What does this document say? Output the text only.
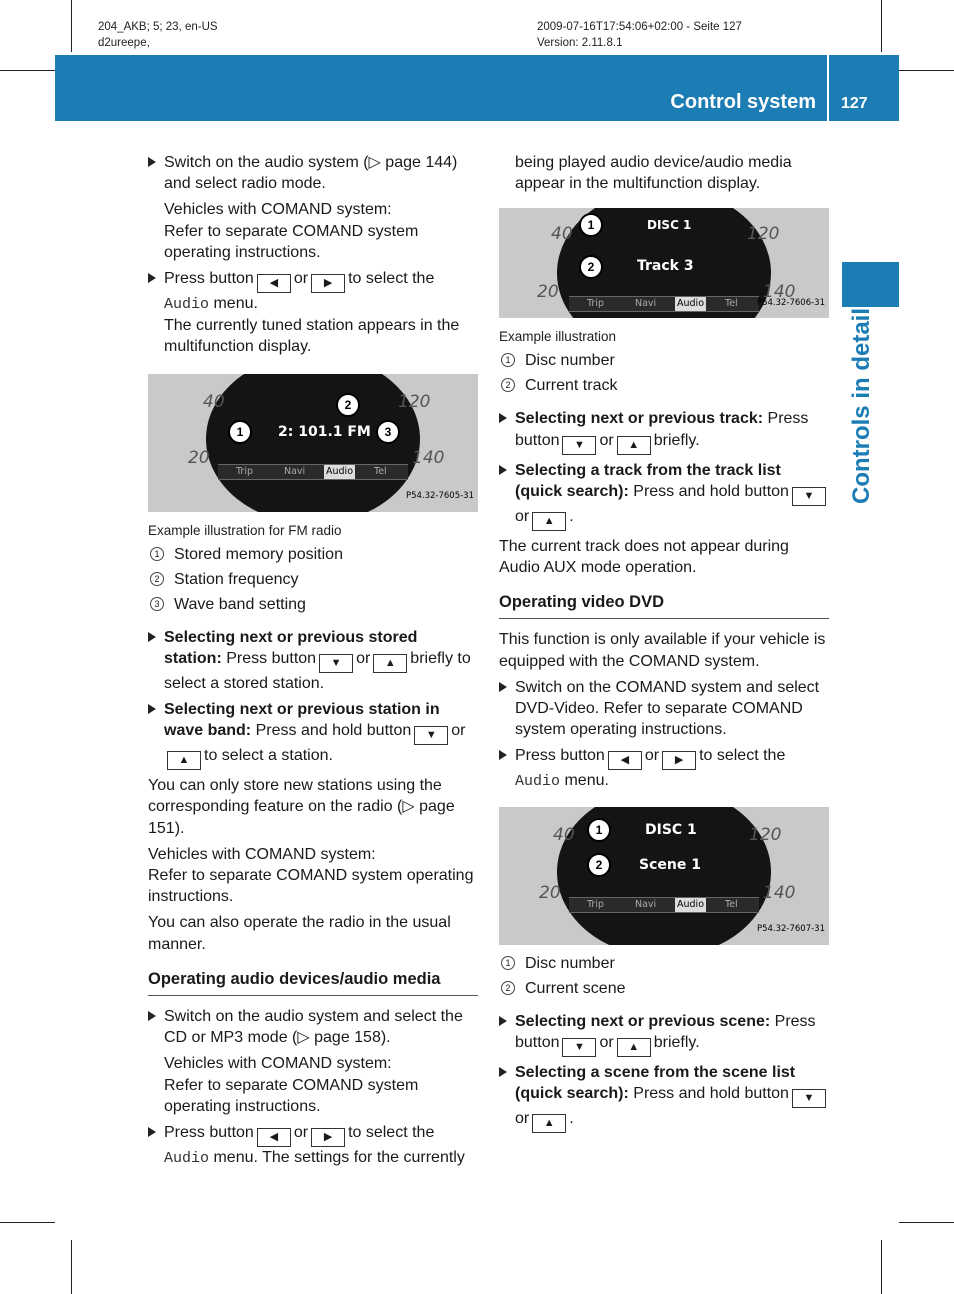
204_AKB; 5; 23, en-US
d2ureepe,
2009-07-16T17:54:06+02:00 - Seite 127
Version: 2.11.8.1
Control system 127
Controls in detail
Switch on the audio system (▷ page 144) and select radio mode.
Vehicles with COMAND system:
Refer to separate COMAND system operating instructions.
Press button ◀ or ▶ to select the
Audio menu.
The currently tuned station appears in the multifunction display.
40
20
120
140
2: 101.1 FM
1
2
3
Trip	Navi Audio Tel
P54.32-7605-31
Example illustration for FM radio
1 Stored memory position
2 Station frequency
3 Wave band setting
Selecting next or previous stored station: Press button ▼ or ▲ briefly to select a stored station.
Selecting next or previous station in wave band: Press and hold button ▼ or
▲ to select a station.

You can only store new stations using the corresponding feature on the radio (▷ page 151).

Vehicles with COMAND system:
Refer to separate COMAND system operating instructions.

You can also operate the radio in the usual manner.

Operating audio devices/audio media
Switch on the audio system and select the CD or MP3 mode (▷ page 158).
Vehicles with COMAND system:
Refer to separate COMAND system operating instructions.
Press button ◀ or ▶ to select the
Audio menu. The settings for the currently
being played audio device/audio media appear in the multifunction display.
40
20
120
140
1
2
DISC 1
Track 3
Trip	Navi Audio Tel P54.32-7606-31
Example illustration
1 Disc number
2 Current track
Selecting next or previous track: Press button ▼ or ▲ briefly.
Selecting a track from the track list (quick search): Press and hold button ▼or ▲ .

The current track does not appear during Audio AUX mode operation.

Operating video DVD

This function is only available if your vehicle is equipped with the COMAND system.

Switch on the COMAND system and select DVD-Video. Refer to separate COMAND system operating instructions.
Press button ◀ or ▶ to select the
Audio menu.
40
20
120
140
1
2
DISC 1
Scene 1
Trip	Navi Audio Tel
P54.32-7607-31
1 Disc number
2 Current scene
Selecting next or previous scene: Press button ▼ or ▲ briefly.
Selecting a scene from the scene list (quick search): Press and hold button ▼or ▲ .
